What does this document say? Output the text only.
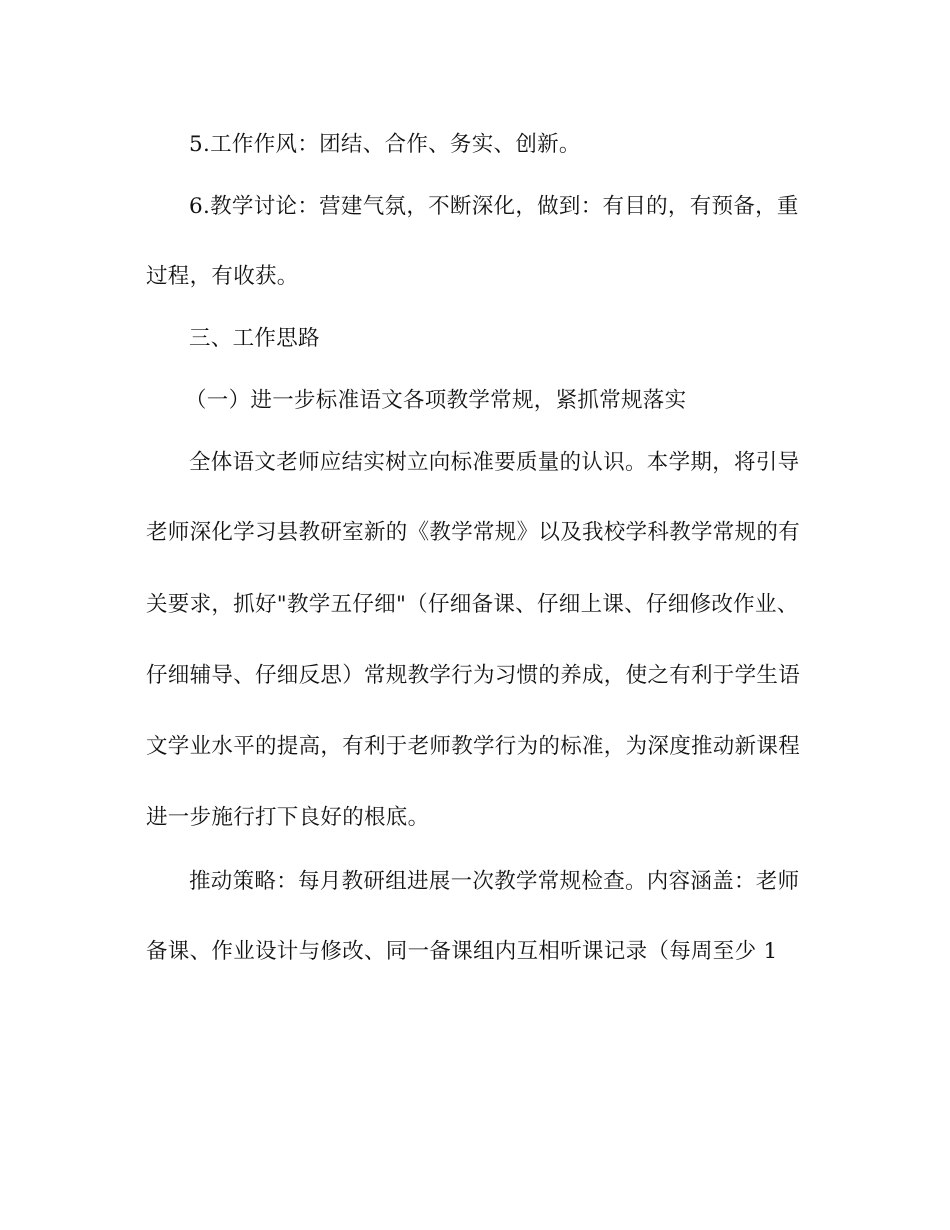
5.工作作风：团结、合作、务实、创新。
6.教学讨论：营建气氛，不断深化，做到：有目的，有预备，重
过程，有收获。
三、工作思路
（一）进一步标准语文各项教学常规，紧抓常规落实
全体语文老师应结实树立向标准要质量的认识。本学期，将引导
老师深化学习县教研室新的《教学常规》以及我校学科教学常规的有
关要求，抓好"教学五仔细"（仔细备课、仔细上课、仔细修改作业、
仔细辅导、仔细反思）常规教学行为习惯的养成，使之有利于学生语
文学业水平的提高，有利于老师教学行为的标准，为深度推动新课程
进一步施行打下良好的根底。
推动策略：每月教研组进展一次教学常规检查。内容涵盖：老师
备课、作业设计与修改、同一备课组内互相听课记录（每周至少 1
